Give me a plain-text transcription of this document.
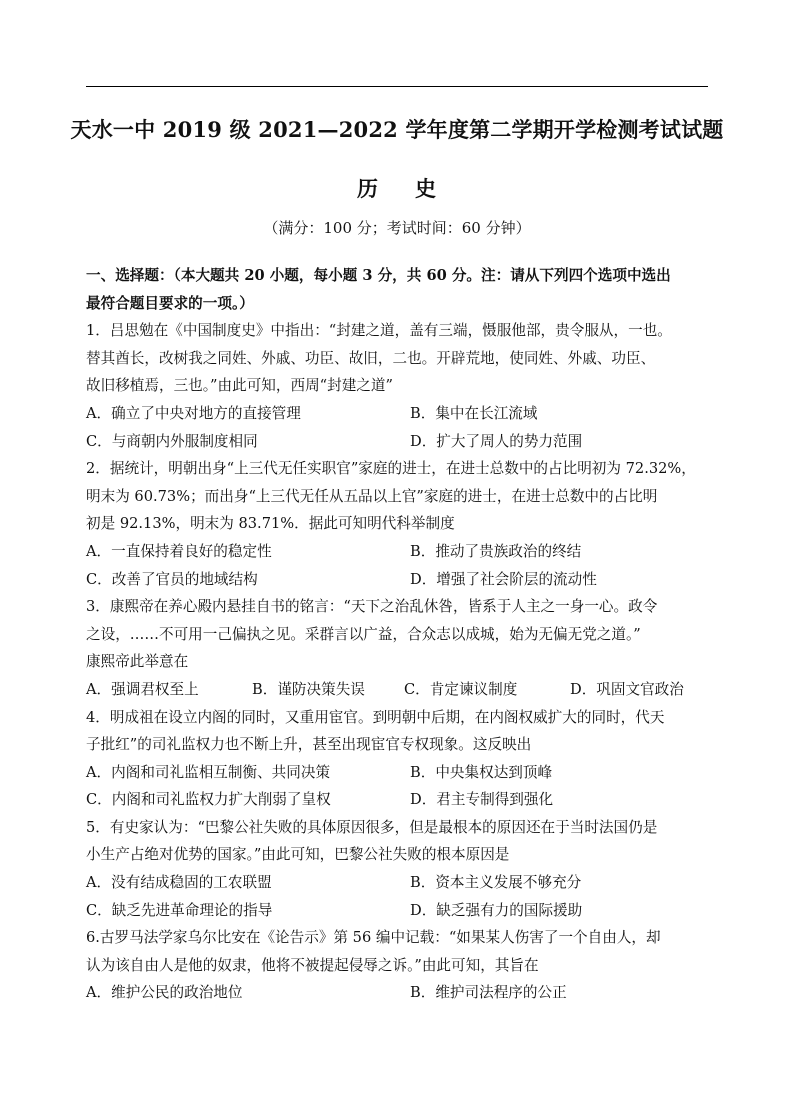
天水一中 2019 级 2021—2022 学年度第二学期开学检测考试试题
历 史
（满分：100 分；考试时间：60 分钟）
一、选择题：（本大题共 20 小题，每小题 3 分，共 60 分。注：请从下列四个选项中选出
最符合题目要求的一项。）
1．吕思勉在《中国制度史》中指出：“封建之道，盖有三端，慑服他部，贵令服从，一也。
替其酋长，改树我之同姓、外戚、功臣、故旧，二也。开辟荒地，使同姓、外戚、功臣、
故旧移植焉，三也。”由此可知，西周“封建之道”
A．确立了中央对地方的直接管理	B．集中在长江流域
C．与商朝内外服制度相同	D．扩大了周人的势力范围
2．据统计，明朝出身“上三代无任实职官”家庭的进士，在进士总数中的占比明初为 72.32%，
明末为 60.73%；而出身“上三代无任从五品以上官”家庭的进士，在进士总数中的占比明
初是 92.13%，明末为 83.71%．据此可知明代科举制度
A．一直保持着良好的稳定性	B．推动了贵族政治的终结
C．改善了官员的地域结构	D．增强了社会阶层的流动性
3．康熙帝在养心殿内悬挂自书的铭言：“天下之治乱休咎，皆系于人主之一身一心。政令
之设，……不可用一己偏执之见。采群言以广益，合众志以成城，始为无偏无党之道。”
康熙帝此举意在
A．强调君权至上	B．谨防决策失误	C．肯定谏议制度	D．巩固文官政治
4．明成祖在设立内阁的同时，又重用宦官。到明朝中后期，在内阁权威扩大的同时，代天
子批红”的司礼监权力也不断上升，甚至出现宦官专权现象。这反映出
A．内阁和司礼监相互制衡、共同决策	B．中央集权达到顶峰
C．内阁和司礼监权力扩大削弱了皇权	D．君主专制得到强化
5．有史家认为：“巴黎公社失败的具体原因很多，但是最根本的原因还在于当时法国仍是
小生产占绝对优势的国家。”由此可知，巴黎公社失败的根本原因是
A．没有结成稳固的工农联盟	B．资本主义发展不够充分
C．缺乏先进革命理论的指导	D．缺乏强有力的国际援助
6.古罗马法学家乌尔比安在《论告示》第 56 编中记载：“如果某人伤害了一个自由人，却
认为该自由人是他的奴隶，他将不被提起侵辱之诉。”由此可知，其旨在
A．维护公民的政治地位	B．维护司法程序的公正
